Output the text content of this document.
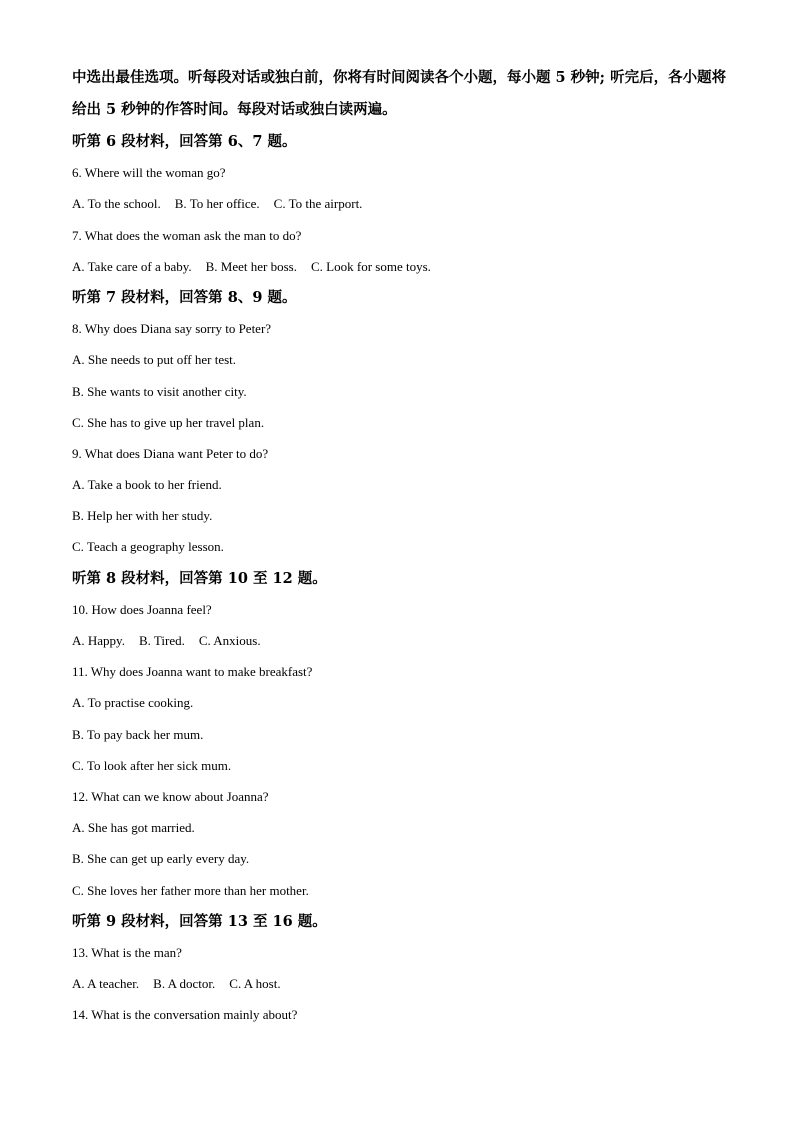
中选出最佳选项。听每段对话或独白前，你将有时间阅读各个小题，每小题 5 秒钟; 听完后，各小题将给出 5 秒钟的作答时间。每段对话或独白读两遍。

听第 6 段材料，回答第 6、7 题。
6. Where will the woman go?
A. To the school. B. To her office. C. To the airport.
7. What does the woman ask the man to do?
A. Take care of a baby. B. Meet her boss. C. Look for some toys.
听第 7 段材料，回答第 8、9 题。
8. Why does Diana say sorry to Peter?
A. She needs to put off her test.
B. She wants to visit another city.
C. She has to give up her travel plan.
9. What does Diana want Peter to do?
A. Take a book to her friend.
B. Help her with her study.
C. Teach a geography lesson.
听第 8 段材料，回答第 10 至 12 题。
10. How does Joanna feel?
A. Happy. B. Tired. C. Anxious.
11. Why does Joanna want to make breakfast?
A. To practise cooking.
B. To pay back her mum.
C. To look after her sick mum.
12. What can we know about Joanna?
A. She has got married.
B. She can get up early every day.
C. She loves her father more than her mother.
听第 9 段材料，回答第 13 至 16 题。
13. What is the man?
A. A teacher. B. A doctor. C. A host.
14. What is the conversation mainly about?
